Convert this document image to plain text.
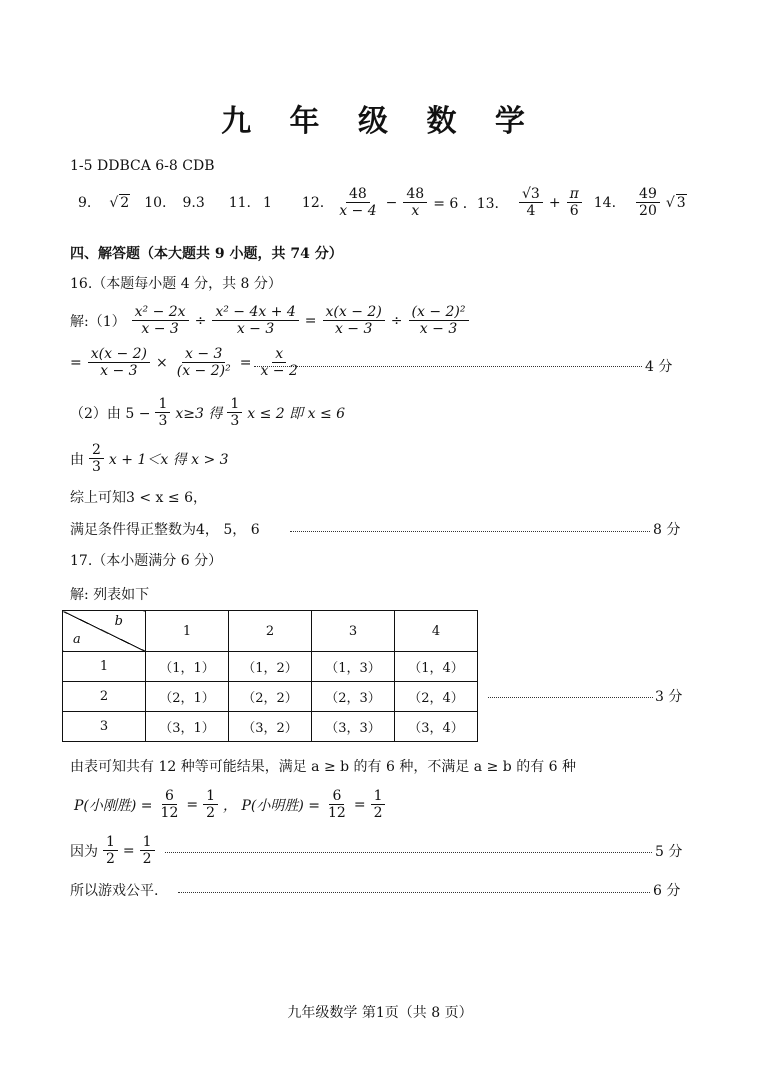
九 年 级 数 学
1-5 DDBCA 6-8 CDB
9. √ 2 10. 9.3 11. 1 12. $\frac{48}{x - 4} - \frac{48}{x} = 6$ ．13. $\frac{√3}{4} + \frac{\pi}{6} 14$. $\frac{49}{20}$ √ 3
四、解答题（本大题共 9 小题，共 74 分）
16.（本题每小题 4 分，共 8 分）
解:（1） $\frac{\text{x² − 2x}}{x - 3} \div \frac{\text{x² − 4x + 4}}{x - 3} = \frac{x(x - 2)}{x - 3} \div \frac{\text{(x − 2)²}}{x - 3}$
= $\frac{x(x - 2)}{x - 3} \times \frac{x - 3}{\text{(x − 2)²}} = \frac{x}{x - 2}$	4 分
（2）由 $5 - \frac{1}{3} x\ge 3$ 得 $\frac{1}{3}$ x ≤ 2 即 x ≤ 6
由 $\frac{2}{3}$ x + 1＜x 得 x > 3
综上可知3 < x ≤ 6，
满足条件得正整数为4， 5， 6	8 分
17.（本小题满分 6 分）
解: 列表如下
b
a	1	2	3	4
1	（1，1）	（1，2）	（1，3）	（1，4）
2	（2，1）	（2，2）	（2，3）	（2，4）
3	（3，1）	（3，2）	（3，3）	（3，4）
3 分
由表可知共有 12 种等可能结果，满足 a ≥ b 的有 6 种，不满足 a ≥ b 的有 6 种
P(小刚胜) = $\frac{6}{12} = \frac{1}{2}$ ， P(小明胜) = $\frac{6}{12} = \frac{1}{2}$
因为 $\frac{1}{2} = \frac{1}{2}$	5 分
所以游戏公平.	6 分
九年级数学 第1页（共 8 页）
